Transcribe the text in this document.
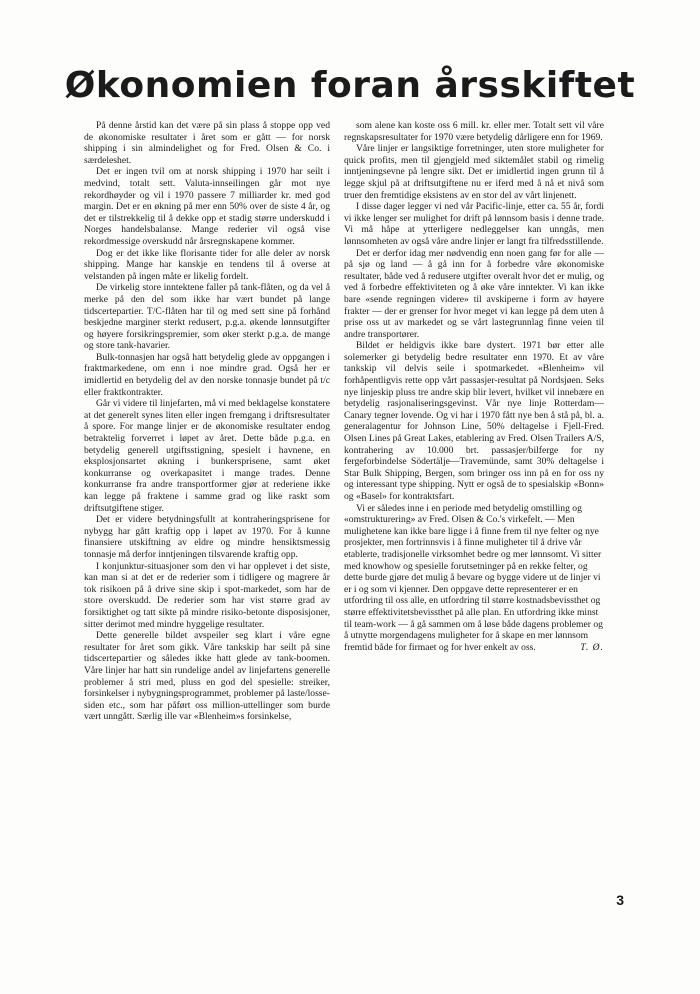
Økonomien foran årsskiftet

På denne årstid kan det være på sin plass å stoppe opp ved de økonomiske resultater i året som er gått — for norsk shipping i sin almindelighet og for Fred. Olsen & Co. i særdeleshet.

Det er ingen tvil om at norsk shipping i 1970 har seilt i medvind, totalt sett. Valuta-innseilingen går mot nye rekordhøyder og vil i 1970 passere 7 milliarder kr. med god margin. Det er en økning på mer enn 50% over de siste 4 år, og det er tilstrekkelig til å dekke opp et stadig større underskudd i Norges handelsbalanse. Mange rederier vil også vise rekordmessige overskudd når årsregnskapene kommer.

Dog er det ikke like florisante tider for alle deler av norsk shipping. Mange har kanskje en tendens til å overse at velstanden på ingen måte er likelig fordelt.

De virkelig store inntektene faller på tank-flåten, og da vel å merke på den del som ikke har vært bundet på lange tidscertepartier. T/C-flåten har til og med sett sine på forhånd beskjedne marginer sterkt redusert, p.g.a. økende lønnsutgifter og høyere forsikringspremier, som øker sterkt p.g.a. de mange og store tank-havarier.

Bulk-tonnasjen har også hatt betydelig glede av oppgangen i fraktmarkedene, om enn i noe mindre grad. Også her er imidlertid en betydelig del av den norske tonnasje bundet på t/c eller fraktkontrakter.

Går vi videre til linjefarten, må vi med beklagelse konstatere at det generelt synes liten eller ingen fremgang i driftsresultater å spore. For mange linjer er de økonomiske resultater endog betraktelig forverret i løpet av året. Dette både p.g.a. en betydelig generell utgiftsstigning, spesielt i havnene, en eksplosjonsartet økning i bunkersprisene, samt øket konkurranse og overkapasitet i mange trades. Denne konkurranse fra andre transportformer gjør at rederiene ikke kan legge på fraktene i samme grad og like raskt som driftsutgiftene stiger.

Det er videre betydningsfullt at kontraheringsprisene for nybygg har gått kraftig opp i løpet av 1970. For å kunne finansiere utskiftning av eldre og mindre hensiktsmessig tonnasje må derfor inntjeningen tilsvarende kraftig opp.

I konjunktur-situasjoner som den vi har opplevet i det siste, kan man si at det er de rederier som i tidligere og magrere år tok risikoen på å drive sine skip i spot-markedet, som har de store overskudd. De rederier som har vist større grad av forsiktighet og tatt sikte på mindre risiko-betonte disposisjoner, sitter derimot med mindre hyggelige resultater.

Dette generelle bildet avspeiler seg klart i våre egne resultater for året som gikk. Våre tankskip har seilt på sine tidscertepartier og således ikke hatt glede av tank-boomen. Våre linjer har hatt sin rundelige andel av linjefartens generelle problemer å stri med, pluss en god del spesielle: streiker, forsinkelser i nybygningsprogrammet, problemer på laste/losse-siden etc., som har påført oss million-uttellinger som burde vært unngått. Særlig ille var «Blenheim»s forsinkelse,

som alene kan koste oss 6 mill. kr. eller mer. Totalt sett vil våre regnskapsresultater for 1970 være betydelig dårligere enn for 1969.

Våre linjer er langsiktige forretninger, uten store muligheter for quick profits, men til gjengjeld med siktemålet stabil og rimelig inntjeningsevne på lengre sikt. Det er imidlertid ingen grunn til å legge skjul på at driftsutgiftene nu er iferd med å nå et nivå som truer den fremtidige eksistens av en stor del av vårt linjenett.

I disse dager legger vi ned vår Pacific-linje, etter ca. 55 år, fordi vi ikke lenger ser mulighet for drift på lønnsom basis i denne trade. Vi må håpe at ytterligere nedleggelser kan unngås, men lønnsomheten av også våre andre linjer er langt fra tilfredsstillende.

Det er derfor idag mer nødvendig enn noen gang før for alle — på sjø og land — å gå inn for å forbedre våre økonomiske resultater, både ved å redusere utgifter overalt hvor det er mulig, og ved å forbedre effektiviteten og å øke våre inntekter. Vi kan ikke bare «sende regningen videre» til avskiperne i form av høyere frakter — der er grenser for hvor meget vi kan legge på dem uten å prise oss ut av markedet og se vårt lastegrunnlag finne veien til andre transportører.

Bildet er heldigvis ikke bare dystert. 1971 bør etter alle solemerker gi betydelig bedre resultater enn 1970. Et av våre tankskip vil delvis seile i spotmarkedet. «Blenheim» vil forhåpentligvis rette opp vårt passasjer-resultat på Nordsjøen. Seks nye linjeskip pluss tre andre skip blir levert, hvilket vil innebære en betydelig rasjonaliseringsgevinst. Vår nye linje Rotterdam—Canary tegner lovende. Og vi har i 1970 fått nye ben å stå på, bl. a. generalagentur for Johnson Line, 50% deltagelse i Fjell-Fred. Olsen Lines på Great Lakes, etablering av Fred. Olsen Trailers A/S, kontrahering av 10.000 brt. passasjer/bilferge for ny fergeforbindelse Södertälje—Travemünde, samt 30% deltagelse i Star Bulk Shipping, Bergen, som bringer oss inn på en for oss ny og interessant type shipping. Nytt er også de to spesialskip «Bonn» og «Basel» for kontraktsfart.

Vi er således inne i en periode med betydelig omstilling og «omstrukturering» av Fred. Olsen & Co.'s virkefelt. — Men mulighetene kan ikke bare ligge i å finne frem til nye felter og nye prosjekter, men fortrinnsvis i å finne muligheter til å drive vår etablerte, tradisjonelle virksomhet bedre og mer lønnsomt. Vi sitter med knowhow og spesielle forutsetninger på en rekke felter, og dette burde gjøre det mulig å bevare og bygge videre ut de linjer vi er i og som vi kjenner. Den oppgave dette representerer er en utfordring til oss alle, en utfordring til større kostnadsbevissthet og større effektivitetsbevissthet på alle plan. En utfordring ikke minst til team-work — å gå sammen om å løse både dagens problemer og å utnytte morgendagens muligheter for å skape en mer lønnsom fremtid både for firmaet og for hver enkelt av oss.	T. Ø.

3
